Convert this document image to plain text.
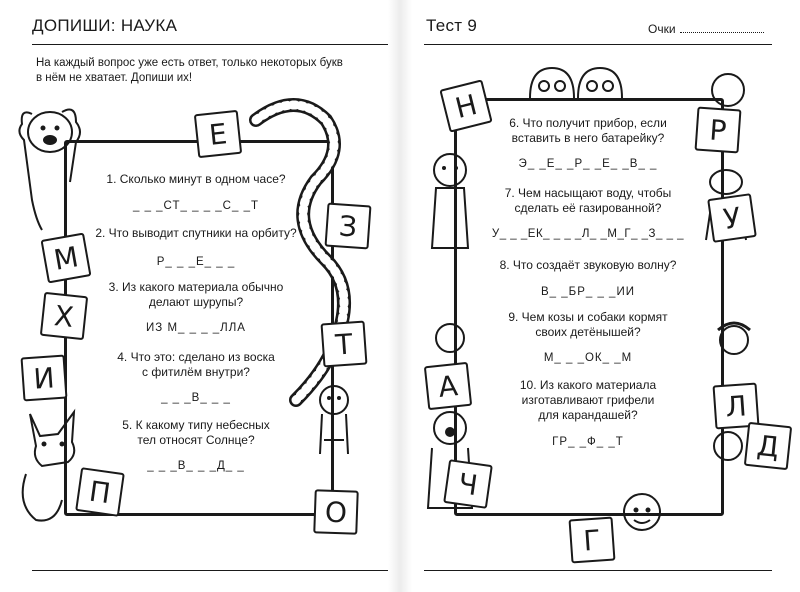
ДОПИШИ: НАУКА
На каждый вопрос уже есть ответ, только некоторых букв
в нём не хватает. Допиши их!
1. Сколько минут в одном часе?
_ _ _СТ_ _ _ _С_ _Т
2. Что выводит спутники на орбиту?
Р_ _ _Е_ _ _
3. Из какого материала обычно
делают шурупы?
ИЗ М_ _ _ _ЛЛА
4. Что это: сделано из воска
с фитилём внутри?
_ _ _В_ _ _
5. К какому типу небесных
тел относят Солнце?
_ _ _В_ _ _Д_ _
Е
З
М
Т
Х
И
П
О
Тест 9	Очки
6. Что получит прибор, если
вставить в него батарейку?
Э_ _Е_ _Р_ _Е_ _В_ _
7. Чем насыщают воду, чтобы
сделать её газированной?
У_ _ _ЕК_ _ _ _Л_ _М_Г_ _З_ _ _
8. Что создаёт звуковую волну?
В_ _БР_ _ _ИИ
9. Чем козы и собаки кормят
своих детёнышей?
М_ _ _ОК_ _М
10. Из какого материала
изготавливают грифели
для карандашей?
ГР_ _Ф_ _Т
Н
Р
У
А
Л
Ч
Д
Г
